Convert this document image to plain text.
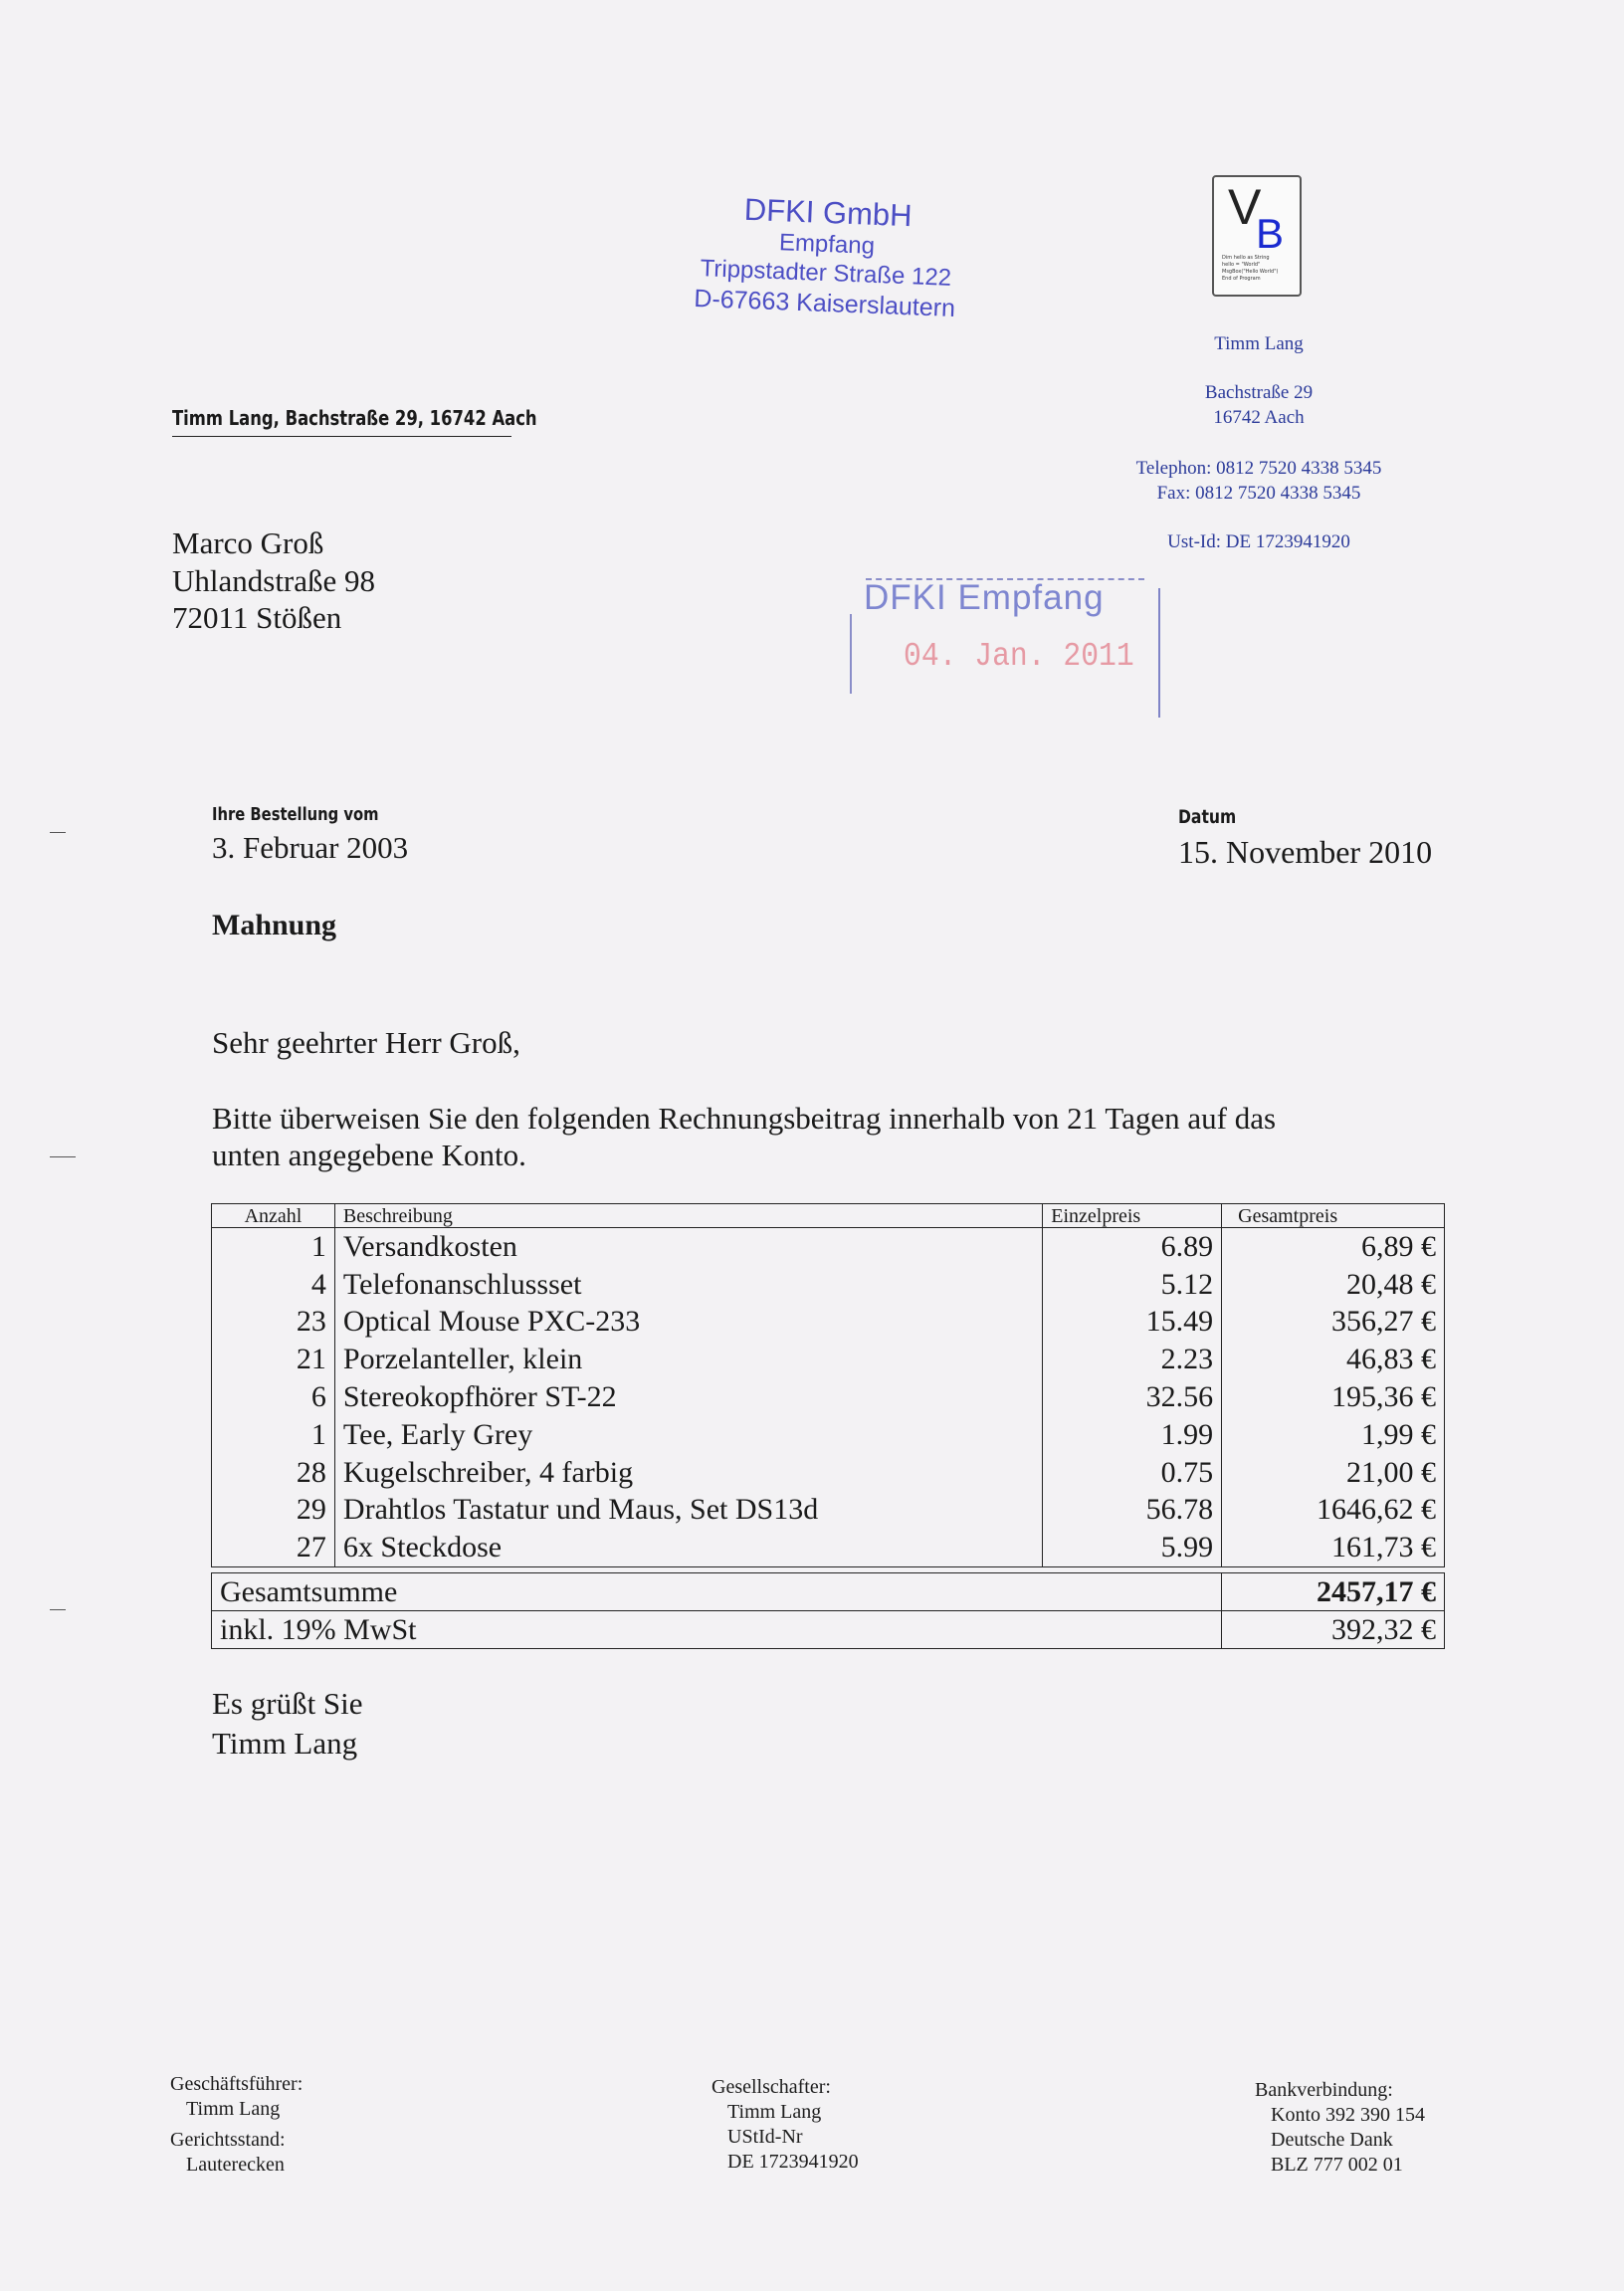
DFKI GmbH
Empfang
Trippstadter Straße 122
D-67663 Kaiserslautern
V
B
Dim hello as String
hello = "World"
MsgBox("Hello World")
End of Program
Timm Lang
Bachstraße 29
16742 Aach
Telephon: 0812 7520 4338 5345
Fax: 0812 7520 4338 5345
Ust-Id: DE 1723941920
Timm Lang, Bachstraße 29, 16742 Aach
Marco Groß
Uhlandstraße 98
72011 Stößen
DFKI Empfang
04. Jan. 2011
Ihre Bestellung vom
3. Februar 2003
Datum
15. November 2010
Mahnung
Sehr geehrter Herr Groß,
Bitte überweisen Sie den folgenden Rechnungsbeitrag innerhalb von 21 Tagen auf das
unten angegebene Konto.
Anzahl	Beschreibung	Einzelpreis	Gesamtpreis
1	Versandkosten	6.89	6,89 €
4	Telefonanschlussset	5.12	20,48 €
23	Optical Mouse PXC-233	15.49	356,27 €
21	Porzelanteller, klein	2.23	46,83 €
6	Stereokopfhörer ST-22	32.56	195,36 €
1	Tee, Early Grey	1.99	1,99 €
28	Kugelschreiber, 4 farbig	0.75	21,00 €
29	Drahtlos Tastatur und Maus, Set DS13d	56.78	1646,62 €
27	6x Steckdose	5.99	161,73 €
Gesamtsumme	2457,17 €
inkl. 19% MwSt	392,32 €
Es grüßt Sie
Timm Lang
Geschäftsführer:
Timm Lang
Gerichtsstand:
Lauterecken
Gesellschafter:
Timm Lang
UStId-Nr
DE 1723941920
Bankverbindung:
Konto 392 390 154
Deutsche Dank
BLZ 777 002 01
